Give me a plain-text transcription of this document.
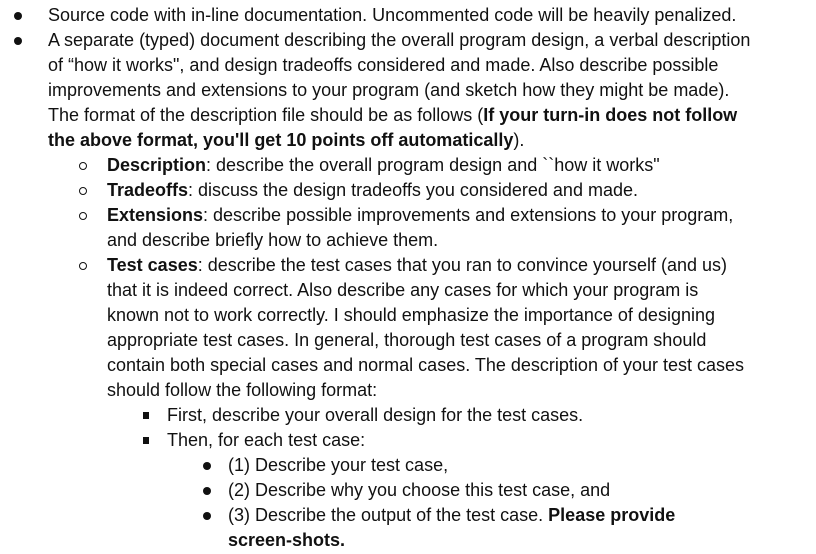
Source code with in-line documentation. Uncommented code will be heavily penalized.
A separate (typed) document describing the overall program design, a verbal description
of “how it works", and design tradeoffs considered and made. Also describe possible
improvements and extensions to your program (and sketch how they might be made).
The format of the description file should be as follows (If your turn-in does not follow
the above format, you'll get 10 points off automatically).
Description: describe the overall program design and ``how it works"
Tradeoffs: discuss the design tradeoffs you considered and made.
Extensions: describe possible improvements and extensions to your program,
and describe briefly how to achieve them.
Test cases: describe the test cases that you ran to convince yourself (and us)
that it is indeed correct. Also describe any cases for which your program is
known not to work correctly. I should emphasize the importance of designing
appropriate test cases. In general, thorough test cases of a program should
contain both special cases and normal cases. The description of your test cases
should follow the following format:
First, describe your overall design for the test cases.
Then, for each test case:
(1) Describe your test case,
(2) Describe why you choose this test case, and
(3) Describe the output of the test case. Please provide
screen-shots.
